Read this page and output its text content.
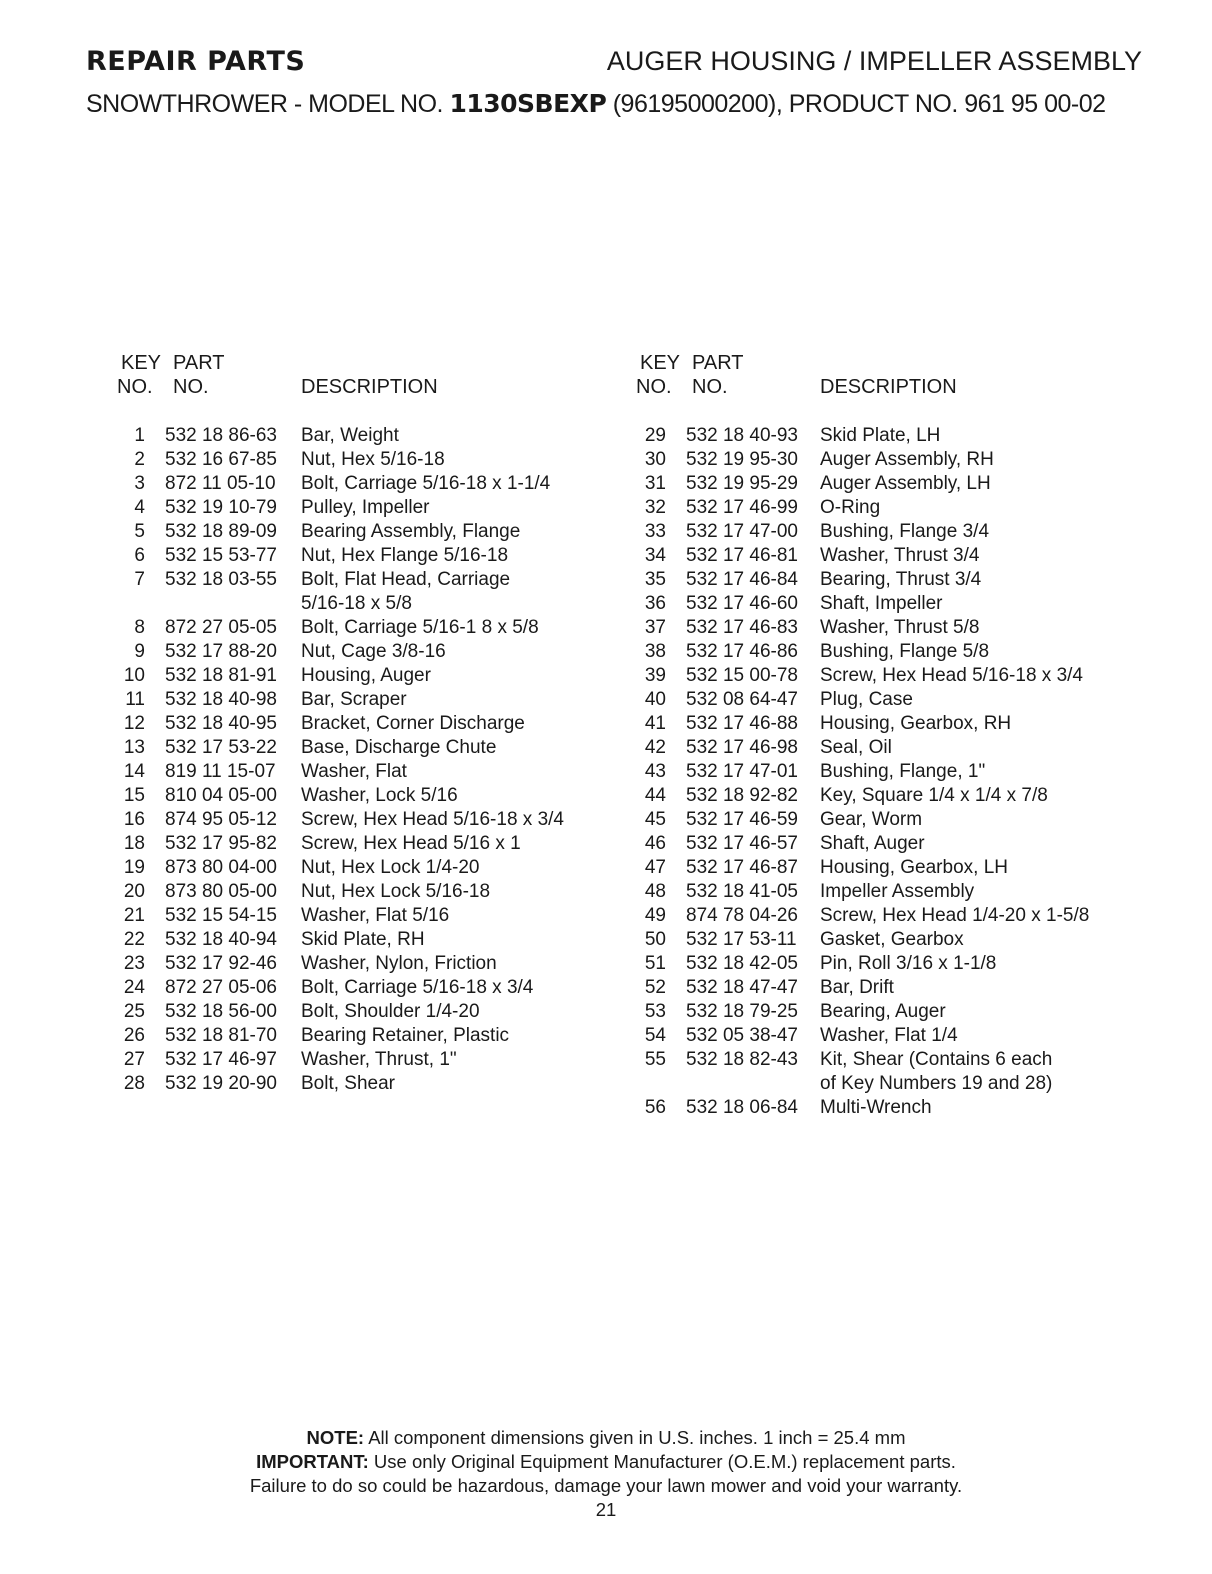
REPAIR PARTS	AUGER HOUSING / IMPELLER ASSEMBLY
SNOWTHROWER - MODEL NO. 1130SBEXP (96195000200), PRODUCT NO. 961 95 00-02
KEY
NO.
PART
NO.	DESCRIPTION
1 532 18 86-63 Bar, Weight
2 532 16 67-85 Nut, Hex 5/16-18
3 872 11 05-10 Bolt, Carriage 5/16-18 x 1-1/4
4 532 19 10-79 Pulley, Impeller
5 532 18 89-09 Bearing Assembly, Flange
6 532 15 53-77 Nut, Hex Flange 5/16-18
7 532 18 03-55 Bolt, Flat Head, Carriage
5/16-18 x 5/8
8 872 27 05-05 Bolt, Carriage 5/16-1 8 x 5/8
9 532 17 88-20 Nut, Cage 3/8-16
10 532 18 81-91 Housing, Auger
11 532 18 40-98 Bar, Scraper
12 532 18 40-95 Bracket, Corner Discharge
13 532 17 53-22 Base, Discharge Chute
14 819 11 15-07 Washer, Flat
15 810 04 05-00 Washer, Lock 5/16
16 874 95 05-12 Screw, Hex Head 5/16-18 x 3/4
18 532 17 95-82 Screw, Hex Head 5/16 x 1
19 873 80 04-00 Nut, Hex Lock 1/4-20
20 873 80 05-00 Nut, Hex Lock 5/16-18
21 532 15 54-15 Washer, Flat 5/16
22 532 18 40-94 Skid Plate, RH
23 532 17 92-46 Washer, Nylon, Friction
24 872 27 05-06 Bolt, Carriage 5/16-18 x 3/4
25 532 18 56-00 Bolt, Shoulder 1/4-20
26 532 18 81-70 Bearing Retainer, Plastic
27 532 17 46-97 Washer, Thrust, 1"
28 532 19 20-90 Bolt, Shear
KEY
NO.
PART
NO.	DESCRIPTION
29 532 18 40-93 Skid Plate, LH
30 532 19 95-30 Auger Assembly, RH
31 532 19 95-29 Auger Assembly, LH
32 532 17 46-99 O-Ring
33 532 17 47-00 Bushing, Flange 3/4
34 532 17 46-81 Washer, Thrust 3/4
35 532 17 46-84 Bearing, Thrust 3/4
36 532 17 46-60 Shaft, Impeller
37 532 17 46-83 Washer, Thrust 5/8
38 532 17 46-86 Bushing, Flange 5/8
39 532 15 00-78 Screw, Hex Head 5/16-18 x 3/4
40 532 08 64-47 Plug, Case
41 532 17 46-88 Housing, Gearbox, RH
42 532 17 46-98 Seal, Oil
43 532 17 47-01 Bushing, Flange, 1"
44 532 18 92-82 Key, Square 1/4 x 1/4 x 7/8
45 532 17 46-59 Gear, Worm
46 532 17 46-57 Shaft, Auger
47 532 17 46-87 Housing, Gearbox, LH
48 532 18 41-05 Impeller Assembly
49 874 78 04-26 Screw, Hex Head 1/4-20 x 1-5/8
50 532 17 53-11 Gasket, Gearbox
51 532 18 42-05 Pin, Roll 3/16 x 1-1/8
52 532 18 47-47 Bar, Drift
53 532 18 79-25 Bearing, Auger
54 532 05 38-47 Washer, Flat 1/4
55 532 18 82-43 Kit, Shear (Contains 6 each
of Key Numbers 19 and 28)
56 532 18 06-84 Multi-Wrench
NOTE: All component dimensions given in U.S. inches. 1 inch = 25.4 mm
IMPORTANT: Use only Original Equipment Manufacturer (O.E.M.) replacement parts.
Failure to do so could be hazardous, damage your lawn mower and void your warranty.
21
